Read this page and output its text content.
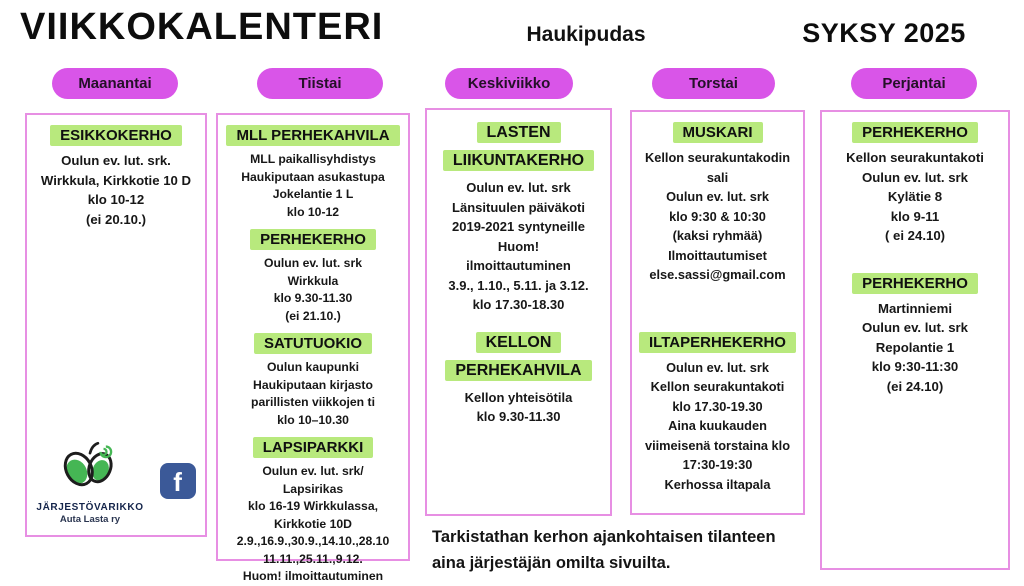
VIIKKOKALENTERI	Haukipudas	SYKSY 2025
Maanantai	Tiistai	Keskiviikko	Torstai	Perjantai
ESIKKOKERHO
Oulun ev. lut. srk.
Wirkkula, Kirkkotie 10 D
klo 10-12
(ei 20.10.)
JÄRJESTÖVARIKKO
Auta Lasta ry
f
MLL PERHEKAHVILA
MLL paikallisyhdistys
Haukiputaan asukastupa
Jokelantie 1 L
klo 10-12
PERHEKERHO
Oulun ev. lut. srk
Wirkkula
klo 9.30-11.30
(ei 21.10.)
SATUTUOKIO
Oulun kaupunki
Haukiputaan kirjasto
parillisten viikkojen ti
klo 10–10.30
LAPSIPARKKI
Oulun ev. lut. srk/
Lapsirikas
klo 16-19 Wirkkulassa,
Kirkkotie 10D
2.9.,16.9.,30.9.,14.10.,28.10
11.11.,25.11.,9.12.
Huom! ilmoittautuminen
LASTEN LIIKUNTAKERHO
Oulun ev. lut. srk
Länsituulen päiväkoti
2019-2021 syntyneille
Huom!
ilmoittautuminen
3.9., 1.10., 5.11. ja 3.12.
klo 17.30-18.30
KELLON PERHEKAHVILA
Kellon yhteisötila
klo 9.30-11.30
MUSKARI
Kellon seurakuntakodin
sali
Oulun ev. lut. srk
klo 9:30 & 10:30
(kaksi ryhmää)
Ilmoittautumiset
else.sassi@gmail.com
ILTAPERHEKERHO
Oulun ev. lut. srk
Kellon seurakuntakoti
klo 17.30-19.30
Aina kuukauden
viimeisenä torstaina klo
17:30-19:30
Kerhossa iltapala
PERHEKERHO
Kellon seurakuntakoti
Oulun ev. lut. srk
Kylätie 8
klo 9-11
( ei 24.10)
PERHEKERHO
Martinniemi
Oulun ev. lut. srk
Repolantie 1
klo 9:30-11:30
(ei 24.10)
Tarkistathan kerhon ajankohtaisen tilanteen
aina järjestäjän omilta sivuilta.
